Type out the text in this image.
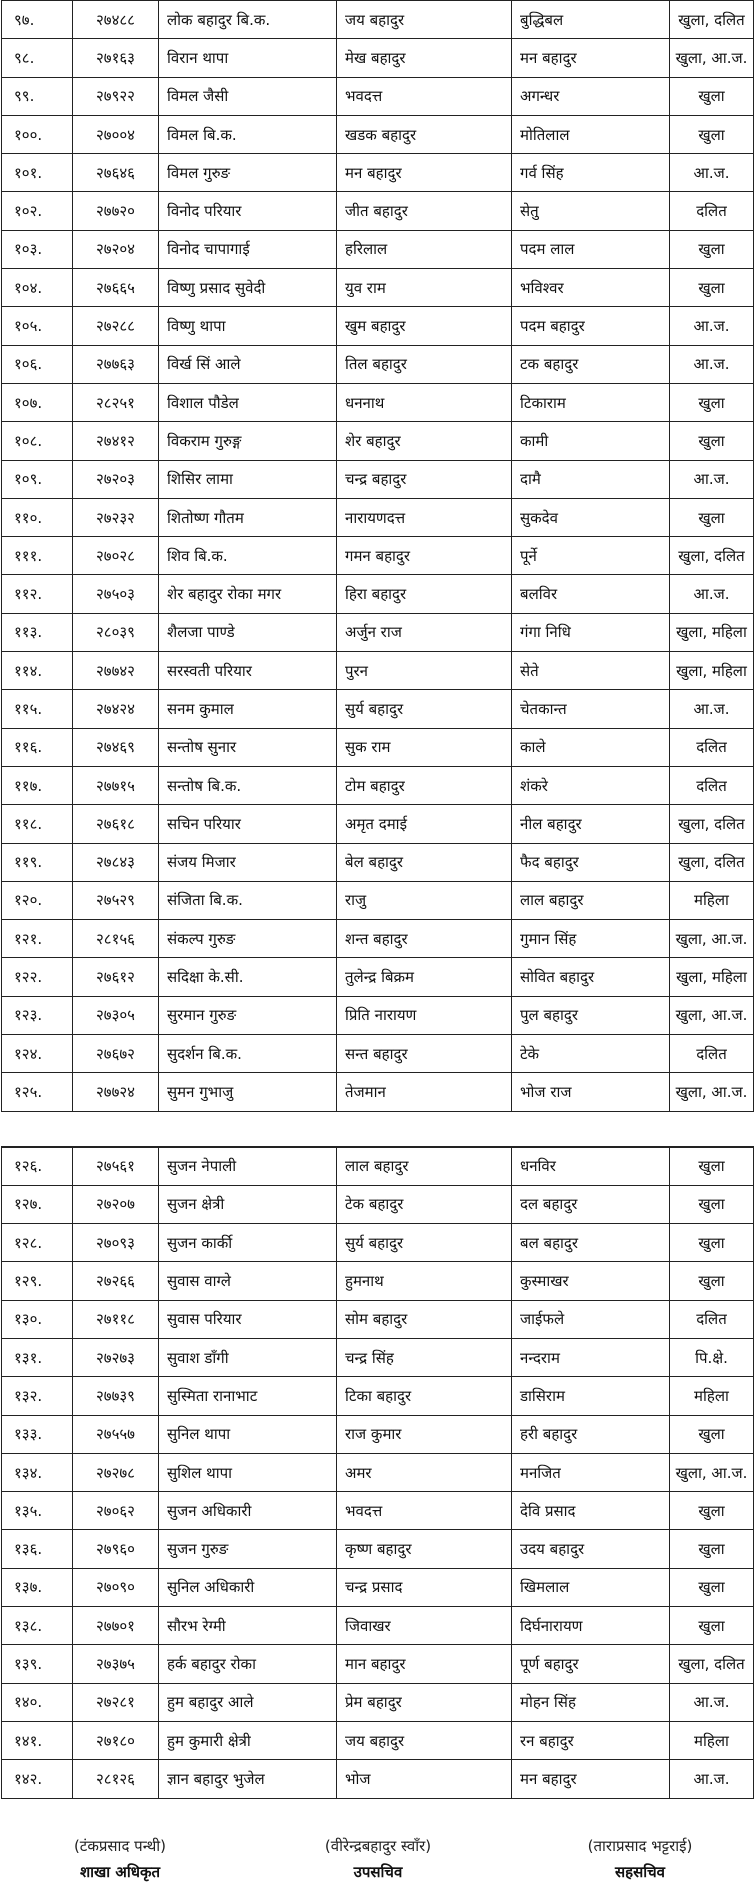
९७.	२७४८८	लोक बहादुर बि.क.	जय बहादुर	बुद्धिबल	खुला, दलित
९८.	२७१६३	विरान थापा	मेख बहादुर	मन बहादुर	खुला, आ.ज.
९९.	२७९२२	विमल जैसी	भवदत्त	अगन्धर	खुला
१००.	२७००४	विमल बि.क.	खडक बहादुर	मोतिलाल	खुला
१०१.	२७६४६	विमल गुरुङ	मन बहादुर	गर्व सिंह	आ.ज.
१०२.	२७७२०	विनोद परियार	जीत बहादुर	सेतु	दलित
१०३.	२७२०४	विनोद चापागाई	हरिलाल	पदम लाल	खुला
१०४.	२७६६५	विष्णु प्रसाद सुवेदी	युव राम	भविश्वर	खुला
१०५.	२७२८८	विष्णु थापा	खुम बहादुर	पदम बहादुर	आ.ज.
१०६.	२७७६३	विर्ख सिं आले	तिल बहादुर	टक बहादुर	आ.ज.
१०७.	२८२५१	विशाल पौडेल	धननाथ	टिकाराम	खुला
१०८.	२७४१२	विकराम गुरुङ्ग	शेर बहादुर	कामी	खुला
१०९.	२७२०३	शिसिर लामा	चन्द्र बहादुर	दामै	आ.ज.
११०.	२७२३२	शितोष्ण गौतम	नारायणदत्त	सुकदेव	खुला
१११.	२७०२८	शिव बि.क.	गमन बहादुर	पूर्ने	खुला, दलित
११२.	२७५०३	शेर बहादुर रोका मगर	हिरा बहादुर	बलविर	आ.ज.
११३.	२८०३९	शैलजा पाण्डे	अर्जुन राज	गंगा निधि	खुला, महिला
११४.	२७७४२	सरस्वती परियार	पुरन	सेते	खुला, महिला
११५.	२७४२४	सनम कुमाल	सुर्य बहादुर	चेतकान्त	आ.ज.
११६.	२७४६९	सन्तोष सुनार	सुक राम	काले	दलित
११७.	२७७१५	सन्तोष बि.क.	टोम बहादुर	शंकरे	दलित
११८.	२७६१८	सचिन परियार	अमृत दमाई	नील बहादुर	खुला, दलित
११९.	२७८४३	संजय मिजार	बेल बहादुर	फैद बहादुर	खुला, दलित
१२०.	२७५२९	संजिता बि.क.	राजु	लाल बहादुर	महिला
१२१.	२८१५६	संकल्प गुरुङ	शन्त बहादुर	गुमान सिंह	खुला, आ.ज.
१२२.	२७६१२	सदिक्षा के.सी.	तुलेन्द्र बिक्रम	सोवित बहादुर	खुला, महिला
१२३.	२७३०५	सुरमान गुरुङ	प्रिति नारायण	पुल बहादुर	खुला, आ.ज.
१२४.	२७६७२	सुदर्शन बि.क.	सन्त बहादुर	टेके	दलित
१२५.	२७७२४	सुमन गुभाजु	तेजमान	भोज राज	खुला, आ.ज.
१२६.	२७५६१	सुजन नेपाली	लाल बहादुर	धनविर	खुला
१२७.	२७२०७	सुजन क्षेत्री	टेक बहादुर	दल बहादुर	खुला
१२८.	२७०९३	सुजन कार्की	सुर्य बहादुर	बल बहादुर	खुला
१२९.	२७२६६	सुवास वाग्ले	हुमनाथ	कुस्माखर	खुला
१३०.	२७११८	सुवास परियार	सोम बहादुर	जाईफले	दलित
१३१.	२७२७३	सुवाश डाँगी	चन्द्र सिंह	नन्दराम	पि.क्षे.
१३२.	२७७३९	सुस्मिता रानाभाट	टिका बहादुर	डासिराम	महिला
१३३.	२७५५७	सुनिल थापा	राज कुमार	हरी बहादुर	खुला
१३४.	२७२७८	सुशिल थापा	अमर	मनजित	खुला, आ.ज.
१३५.	२७०६२	सुजन अधिकारी	भवदत्त	देवि प्रसाद	खुला
१३६.	२७९६०	सुजन गुरुङ	कृष्ण बहादुर	उदय बहादुर	खुला
१३७.	२७०९०	सुनिल अधिकारी	चन्द्र प्रसाद	खिमलाल	खुला
१३८.	२७७०१	सौरभ रेग्मी	जिवाखर	दिर्घनारायण	खुला
१३९.	२७३७५	हर्क बहादुर रोका	मान बहादुर	पूर्ण बहादुर	खुला, दलित
१४०.	२७२८१	हुम बहादुर आले	प्रेम बहादुर	मोहन सिंह	आ.ज.
१४१.	२७१८०	हुम कुमारी क्षेत्री	जय बहादुर	रन बहादुर	महिला
१४२.	२८१२६	ज्ञान बहादुर भुजेल	भोज	मन बहादुर	आ.ज.
(टंकप्रसाद पन्थी)
शाखा अधिकृत
(वीरेन्द्रबहादुर स्वाँर)
उपसचिव
(ताराप्रसाद भट्टराई)
सहसचिव
